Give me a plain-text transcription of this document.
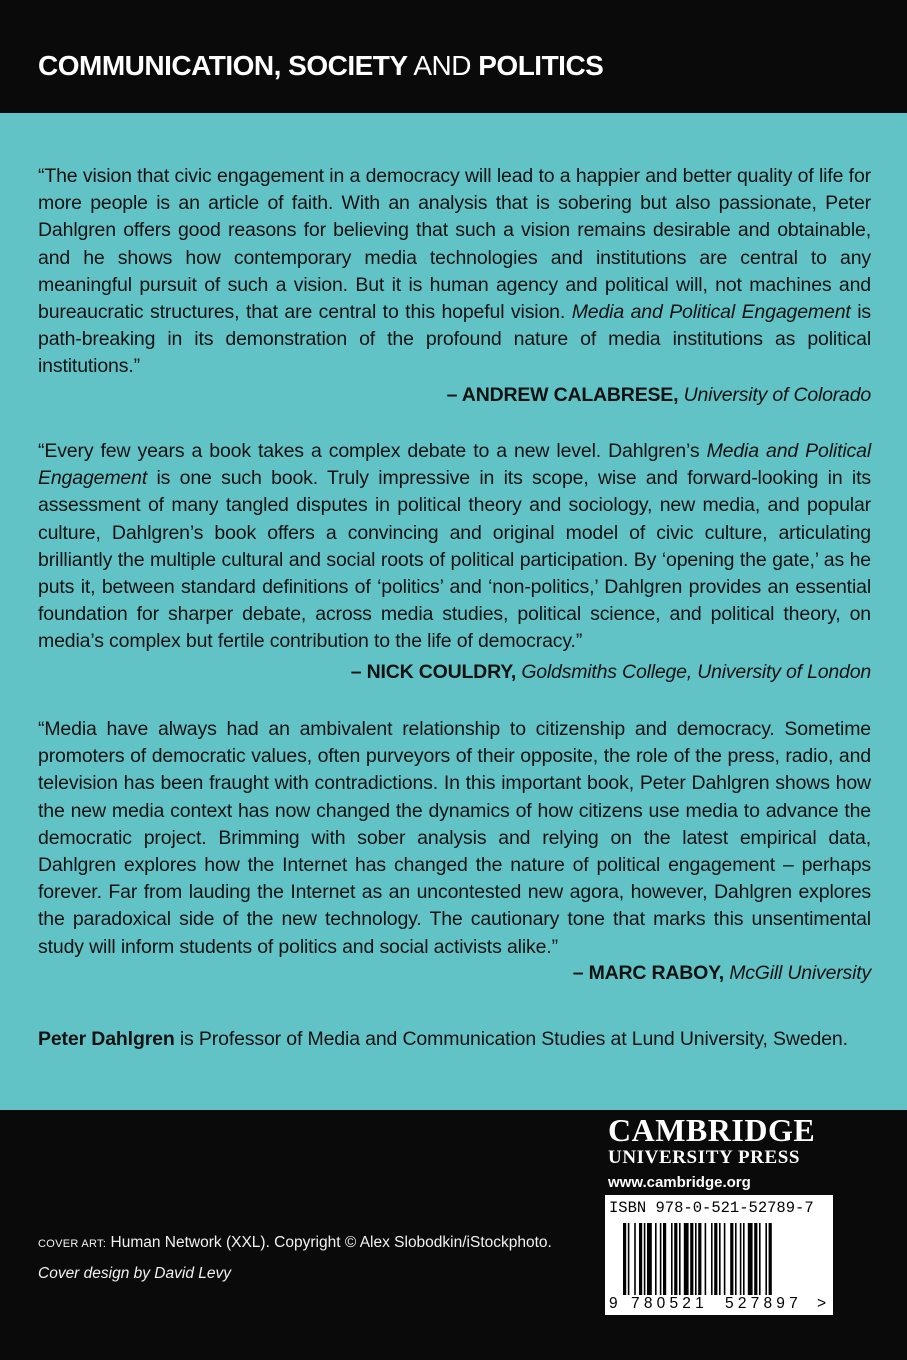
COMMUNICATION, SOCIETY AND POLITICS
“The vision that civic engagement in a democracy will lead to a happier and better quality of life for more people is an article of faith. With an analysis that is sobering but also passionate, Peter Dahlgren offers good reasons for believing that such a vision remains desirable and obtainable, and he shows how contemporary media technologies and institutions are central to any meaningful pursuit of such a vision. But it is human agency and political will, not machines and bureaucratic structures, that are central to this hopeful vision. Media and Political Engagement is path-breaking in its demonstration of the profound nature of media institutions as political institutions.”
– ANDREW CALABRESE, University of Colorado
“Every few years a book takes a complex debate to a new level. Dahlgren’s Media and Political Engagement is one such book. Truly impressive in its scope, wise and forward-looking in its assessment of many tangled disputes in political theory and sociology, new media, and popular culture, Dahlgren’s book offers a convincing and original model of civic culture, articulating brilliantly the multiple cultural and social roots of political participation. By ‘opening the gate,’ as he puts it, between standard definitions of ‘politics’ and ‘non-politics,’ Dahlgren provides an essential foundation for sharper debate, across media studies, political science, and political theory, on media’s complex but fertile contribution to the life of democracy.”
– NICK COULDRY, Goldsmiths College, University of London
“Media have always had an ambivalent relationship to citizenship and democracy. Sometime promoters of democratic values, often purveyors of their opposite, the role of the press, radio, and television has been fraught with contradictions. In this important book, Peter Dahlgren shows how the new media context has now changed the dynamics of how citizens use media to advance the democratic project. Brimming with sober analysis and relying on the latest empirical data, Dahlgren explores how the Internet has changed the nature of political engagement – perhaps forever. Far from lauding the Internet as an uncontested new agora, however, Dahlgren explores the paradoxical side of the new technology. The cautionary tone that marks this unsentimental study will inform students of politics and social activists alike.”
– MARC RABOY, McGill University
Peter Dahlgren is Professor of Media and Communication Studies at Lund University, Sweden.
CAMBRIDGE
UNIVERSITY PRESS
www.cambridge.org
COVER ART: Human Network (XXL). Copyright © Alex Slobodkin/iStockphoto.
Cover design by David Levy
ISBN 978-0-521-52789-7
9 780521 527897 >
